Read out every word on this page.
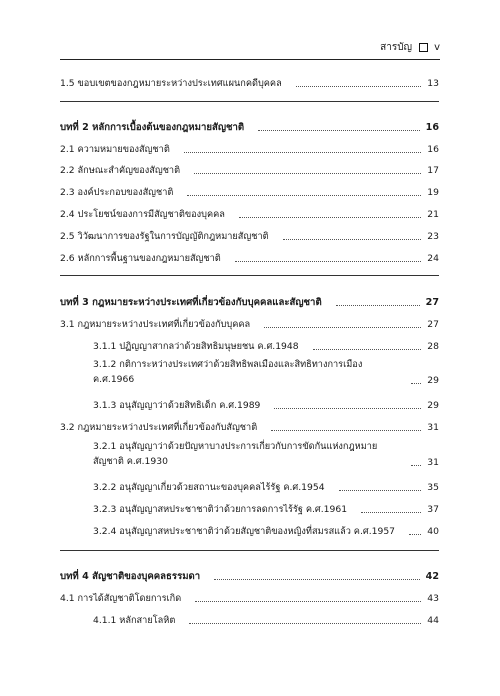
สารบัญ v
1.5 ขอบเขตของกฎหมายระหว่างประเทศแผนกคดีบุคคล	13
บทที่ 2 หลักการเบื้องต้นของกฎหมายสัญชาติ	16
2.1 ความหมายของสัญชาติ	16
2.2 ลักษณะสำคัญของสัญชาติ	17
2.3 องค์ประกอบของสัญชาติ	19
2.4 ประโยชน์ของการมีสัญชาติของบุคคล	21
2.5 วิวัฒนาการของรัฐในการบัญญัติกฎหมายสัญชาติ	23
2.6 หลักการพื้นฐานของกฎหมายสัญชาติ	24
บทที่ 3 กฎหมายระหว่างประเทศที่เกี่ยวข้องกับบุคคลและสัญชาติ	27
3.1 กฎหมายระหว่างประเทศที่เกี่ยวข้องกับบุคคล	27
3.1.1 ปฏิญญาสากลว่าด้วยสิทธิมนุษยชน ค.ศ.1948	28
3.1.2 กติการะหว่างประเทศว่าด้วยสิทธิพลเมืองและสิทธิทางการเมือง ค.ศ.1966	29
3.1.3 อนุสัญญาว่าด้วยสิทธิเด็ก ค.ศ.1989	29
3.2 กฎหมายระหว่างประเทศที่เกี่ยวข้องกับสัญชาติ	31
3.2.1 อนุสัญญาว่าด้วยปัญหาบางประการเกี่ยวกับการขัดกันแห่งกฎหมาย สัญชาติ ค.ศ.1930	31
3.2.2 อนุสัญญาเกี่ยวด้วยสถานะของบุคคลไร้รัฐ ค.ศ.1954	35
3.2.3 อนุสัญญาสหประชาชาติว่าด้วยการลดการไร้รัฐ ค.ศ.1961	37
3.2.4 อนุสัญญาสหประชาชาติว่าด้วยสัญชาติของหญิงที่สมรสแล้ว ค.ศ.1957	40
บทที่ 4 สัญชาติของบุคคลธรรมดา	42
4.1 การได้สัญชาติโดยการเกิด	43
4.1.1 หลักสายโลหิต	44
